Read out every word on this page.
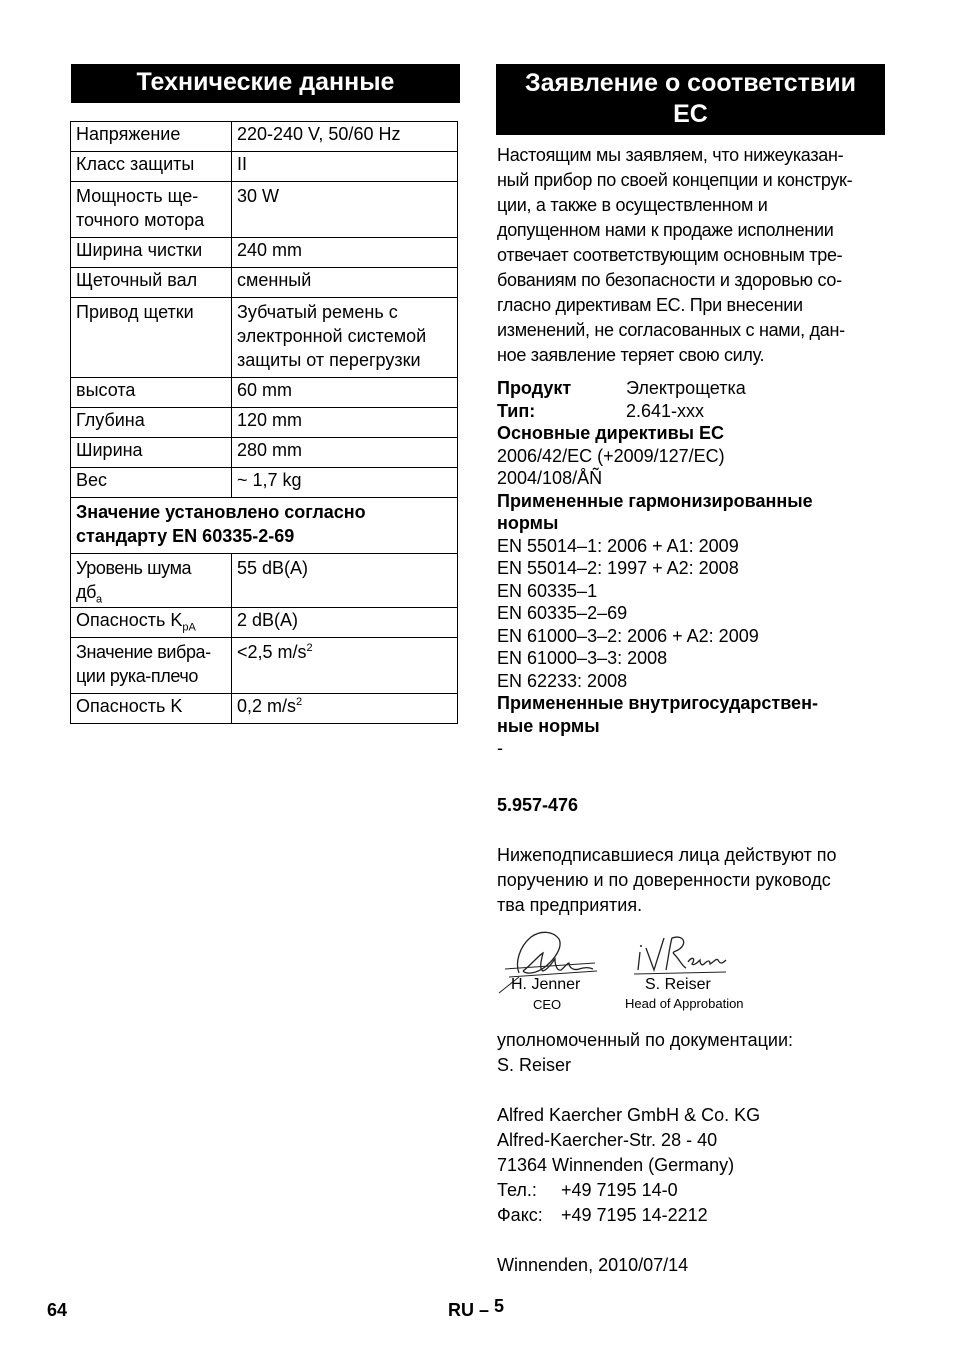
Технические данные
Напряжение	220-240 V, 50/60 Hz
Класс защиты	II

Мощность ще-
точного мотора	30 W
Ширина чистки	240 mm
Щеточный вал	сменный
Привод щетки	Зубчатый ремень с
электронной системой
защиты от перегрузки

высота	60 mm
Глубина	120 mm
Ширина	280 mm
Вес	~ 1,7 kg

Значение установлено согласно
стандарту EN 60335-2-69	

Уровень шума
$дб_a$	55 dB(A)
Опасность $K_{pA}$	2 dB(A)

Значение вибра-
ции рука-плечо	<2,5 $m/s^2$
Опасность K	0,2 $m/s^2$
Заявление о соответствии
ЕС
Настоящим мы заявляем, что нижеуказан-
ный прибор по своей концепции и конструк-
ции, а также в осуществленном и
допущенном нами к продаже исполнении
отвечает соответствующим основным тре-
бованиям по безопасности и здоровью со-
гласно директивам ЕС. При внесении
изменений, не согласованных с нами, дан-
ное заявление теряет свою силу.
Продукт	Электрощетка
Тип:	2.641-xxx
Основные директивы ЕС
2006/42/EC (+2009/127/EC)
2004/108/ÅÑ
Примененные гармонизированные
нормы
EN 55014–1: 2006 + A1: 2009
EN 55014–2: 1997 + A2: 2008
EN 60335–1
EN 60335–2–69
EN 61000–3–2: 2006 + A2: 2009
EN 61000–3–3: 2008
EN 62233: 2008
Примененные внутригосударствен-
ные нормы
-
5.957-476
Нижеподписавшиеся лица действуют по
поручению и по доверенности руководс
тва предприятия.
H. Jenner
CEO
S. Reiser
Head of Approbation
уполномоченный по документации:
S. Reiser
Alfred Kaercher GmbH & Co. KG
Alfred-Kaercher-Str. 28 - 40
71364 Winnenden (Germany)
Тел.: +49 7195 14-0
Факс: +49 7195 14-2212
Winnenden, 2010/07/14
64	RU – 5
